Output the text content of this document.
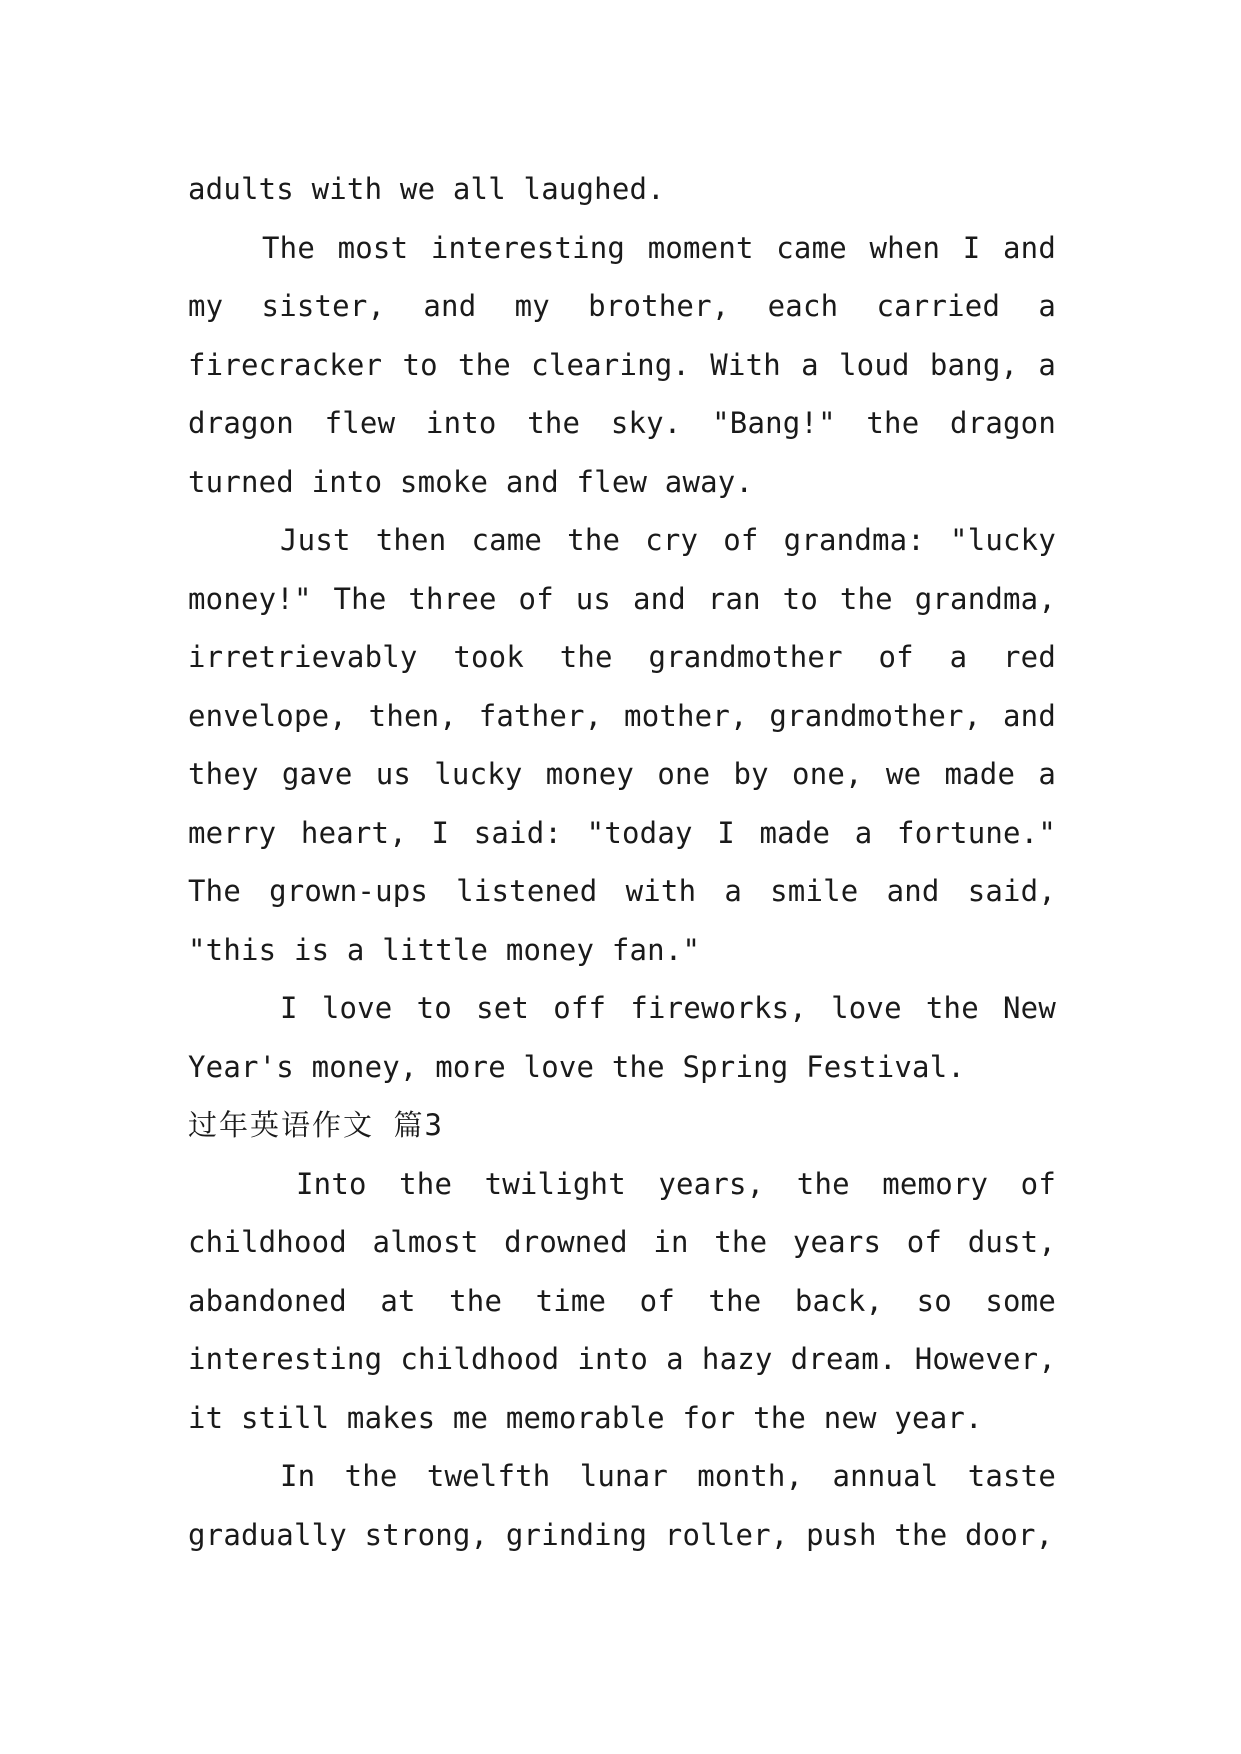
adults with we all laughed.

The most interesting moment came when I and my sister, and my brother, each carried a firecracker to the clearing. With a loud bang, a dragon flew into the sky. "Bang!" the dragon turned into smoke and flew away.

Just then came the cry of grandma: "lucky money!" The three of us and ran to the grandma, irretrievably took the grandmother of a red envelope, then, father, mother, grandmother, and they gave us lucky money one by one, we made a merry heart, I said: "today I made a fortune." The grown-ups listened with a smile and said, "this is a little money fan."

I love to set off fireworks, love the New Year's money, more love the Spring Festival.

过年英语作文 篇3

Into the twilight years, the memory of childhood almost drowned in the years of dust, abandoned at the time of the back, so some interesting childhood into a hazy dream. However, it still makes me memorable for the new year.

In the twelfth lunar month, annual taste gradually strong, grinding roller, push the door,
